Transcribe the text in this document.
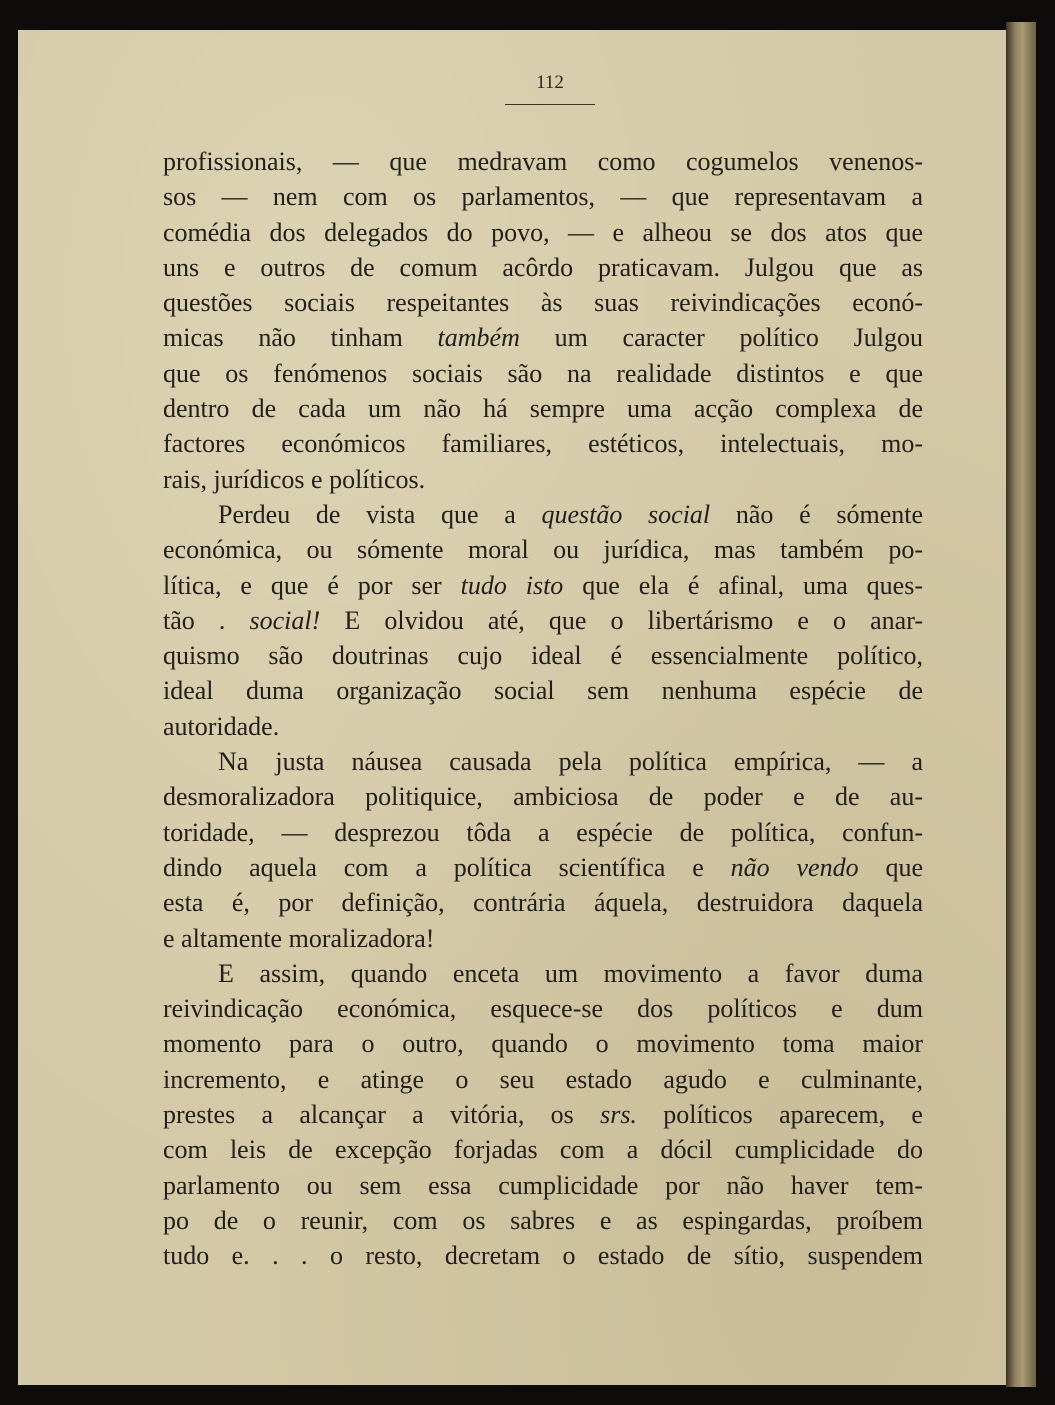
112
profissionais, — que medravam como cogumelos venenos-
sos — nem com os parlamentos, — que representavam a
comédia dos delegados do povo, — e alheou se dos atos que
uns e outros de comum acôrdo praticavam. Julgou que as
questões sociais respeitantes às suas reivindicações econó-
micas não tinham também um caracter político Julgou
que os fenómenos sociais são na realidade distintos e que
dentro de cada um não há sempre uma acção complexa de
factores económicos familiares, estéticos, intelectuais, mo-
rais, jurídicos e políticos.
Perdeu de vista que a questão social não é sómente
económica, ou sómente moral ou jurídica, mas também po-
lítica, e que é por ser tudo isto que ela é afinal, uma ques-
tão . social! E olvidou até, que o libertárismo e o anar-
quismo são doutrinas cujo ideal é essencialmente político,
ideal duma organização social sem nenhuma espécie de
autoridade.
Na justa náusea causada pela política empírica, — a
desmoralizadora politiquice, ambiciosa de poder e de au-
toridade, — desprezou tôda a espécie de política, confun-
dindo aquela com a política scientífica e não vendo que
esta é, por definição, contrária áquela, destruidora daquela
e altamente moralizadora!
E assim, quando enceta um movimento a favor duma
reivindicação económica, esquece-se dos políticos e dum
momento para o outro, quando o movimento toma maior
incremento, e atinge o seu estado agudo e culminante,
prestes a alcançar a vitória, os srs. políticos aparecem, e
com leis de excepção forjadas com a dócil cumplicidade do
parlamento ou sem essa cumplicidade por não haver tem-
po de o reunir, com os sabres e as espingardas, proíbem
tudo e. . . o resto, decretam o estado de sítio, suspendem
